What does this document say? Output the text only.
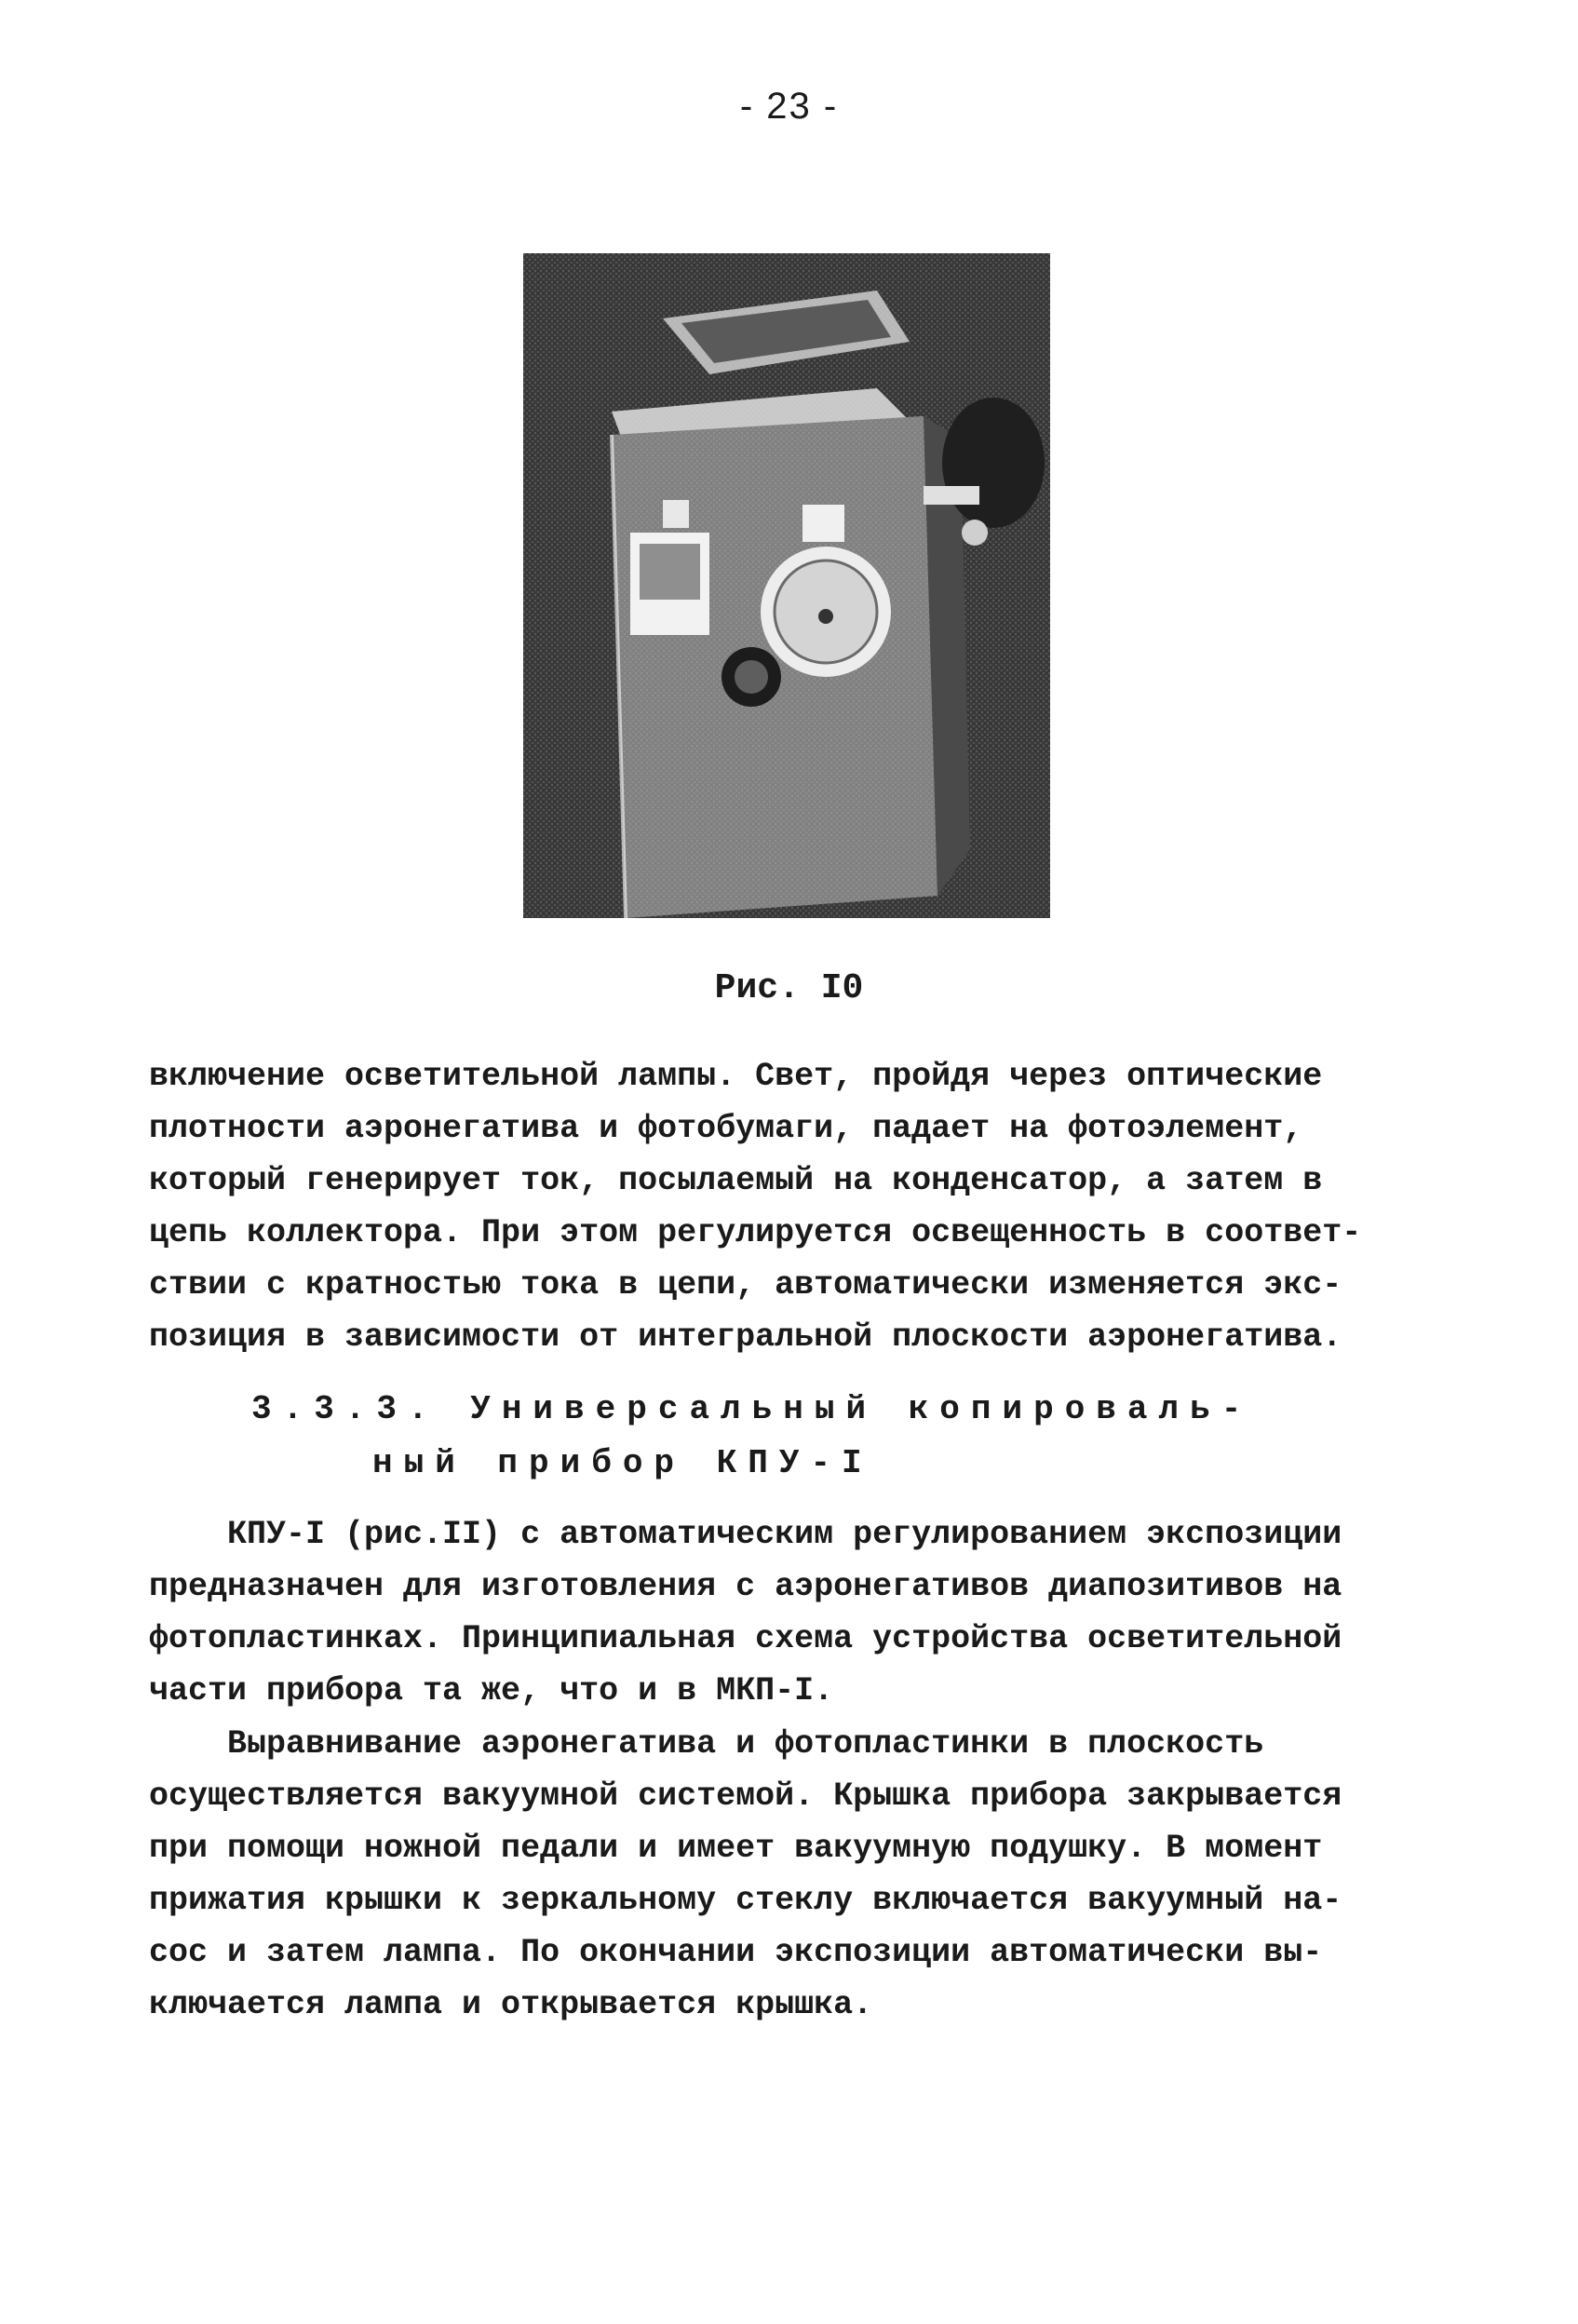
- 23 -
Рис. I0

включение осветительной лампы. Свет, пройдя через оптические
плотности аэронегатива и фотобумаги, падает на фотоэлемент,
который генерирует ток, посылаемый на конденсатор, а затем в
цепь коллектора. При этом регулируется освещенность в соответ-
ствии с кратностью тока в цепи, автоматически изменяется экс-
позиция в зависимости от интегральной плоскости аэронегатива.

3.3.3. Универсальный копироваль-
ный прибор КПУ-I

КПУ-I (рис.II) с автоматическим регулированием экспозиции
предназначен для изготовления с аэронегативов диапозитивов на
фотопластинках. Принципиальная схема устройства осветительной
части прибора та же, что и в МКП-I.

Выравнивание аэронегатива и фотопластинки в плоскость
осуществляется вакуумной системой. Крышка прибора закрывается
при помощи ножной педали и имеет вакуумную подушку. В момент
прижатия крышки к зеркальному стеклу включается вакуумный на-
сос и затем лампа. По окончании экспозиции автоматически вы-
ключается лампа и открывается крышка.
